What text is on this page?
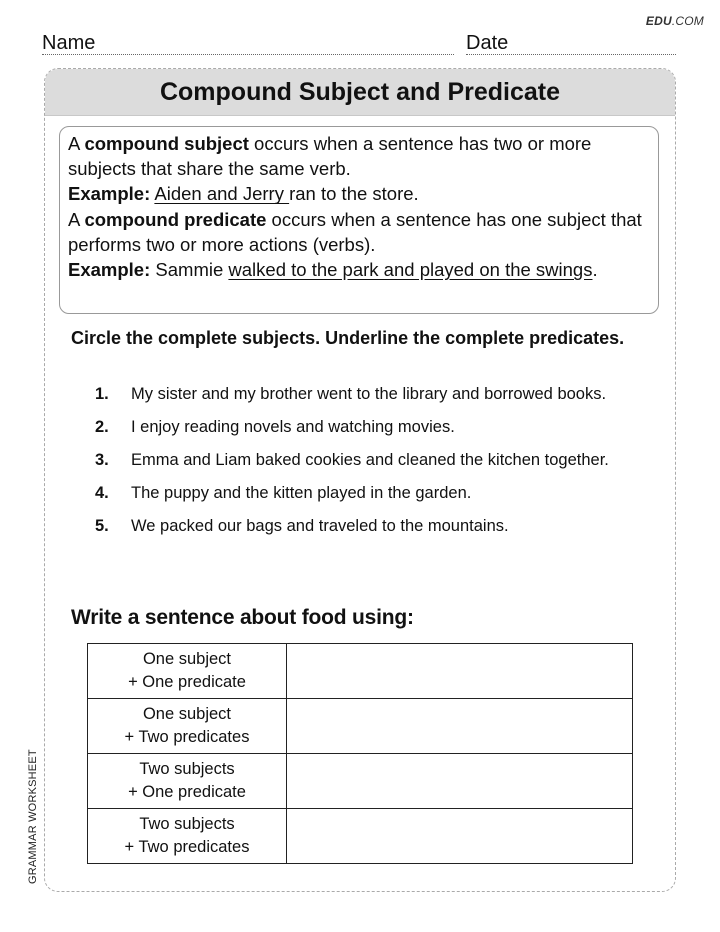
EDU.COM
Name	Date
Compound Subject and Predicate

A compound subject occurs when a sentence has two or more subjects that share the same verb.

Example: Aiden and Jerry ran to the store.

A compound predicate occurs when a sentence has one subject that performs two or more actions (verbs).

Example: Sammie walked to the park and played on the swings.

Circle the complete subjects. Underline the complete predicates.

1.	My sister and my brother went to the library and borrowed books.
2.	I enjoy reading novels and watching movies.
3.	Emma and Liam baked cookies and cleaned the kitchen together.
4.	The puppy and the kitten played in the garden.
5.	We packed our bags and traveled to the mountains.
Write a sentence about food using:
One subject
+ One predicate	

One subject
+ Two predicates	

Two subjects
+ One predicate	

Two subjects
+ Two predicates	

GRAMMAR WORKSHEET
